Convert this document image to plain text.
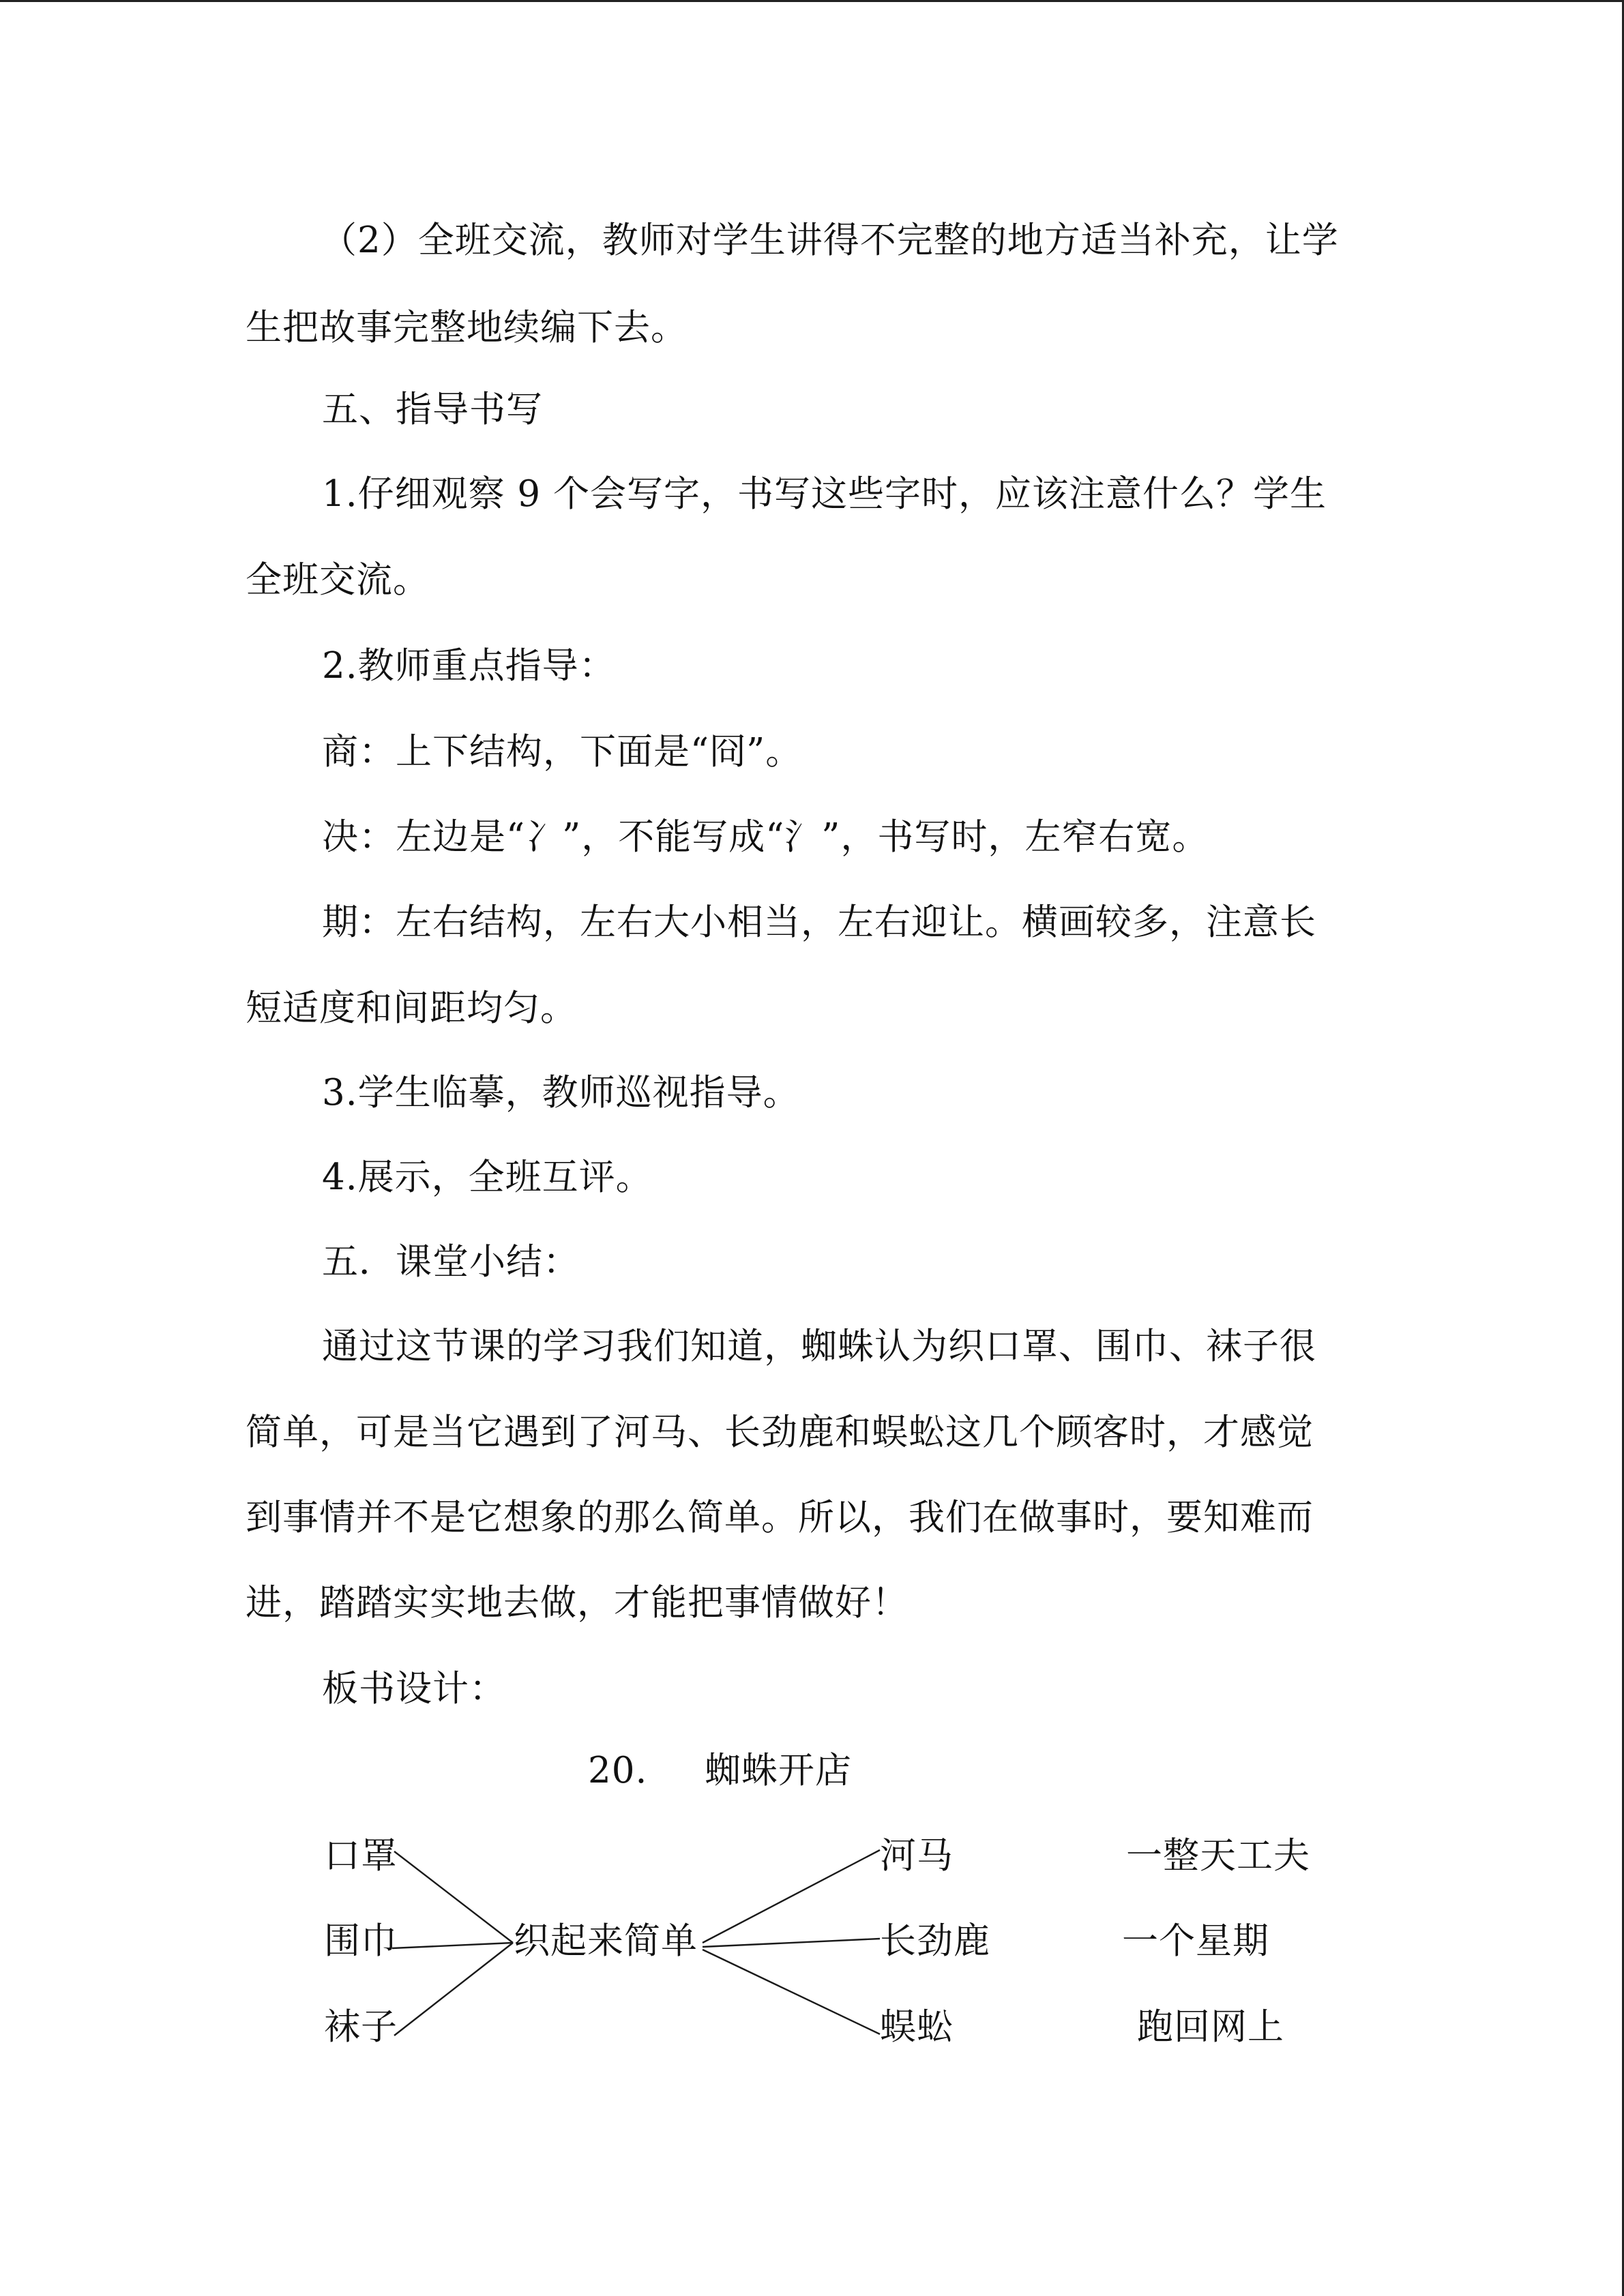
（2）全班交流，教师对学生讲得不完整的地方适当补充，让学
生把故事完整地续编下去。
五、指导书写
1.仔细观察 9 个会写字，书写这些字时，应该注意什么？学生
全班交流。
2.教师重点指导：
商：上下结构，下面是“冏”。
决：左边是“冫”，不能写成“氵”，书写时，左窄右宽。
期：左右结构，左右大小相当，左右迎让。横画较多，注意长
短适度和间距均匀。
3.学生临摹，教师巡视指导。
4.展示，全班互评。
五．课堂小结：
通过这节课的学习我们知道，蜘蛛认为织口罩、围巾、袜子很
简单，可是当它遇到了河马、长劲鹿和蜈蚣这几个顾客时，才感觉
到事情并不是它想象的那么简单。所以，我们在做事时，要知难而
进，踏踏实实地去做，才能把事情做好！
板书设计：
20. 蜘蛛开店
口罩
围巾
袜子
织起来简单
河马
长劲鹿
蜈蚣
一整天工夫
一个星期
跑回网上
